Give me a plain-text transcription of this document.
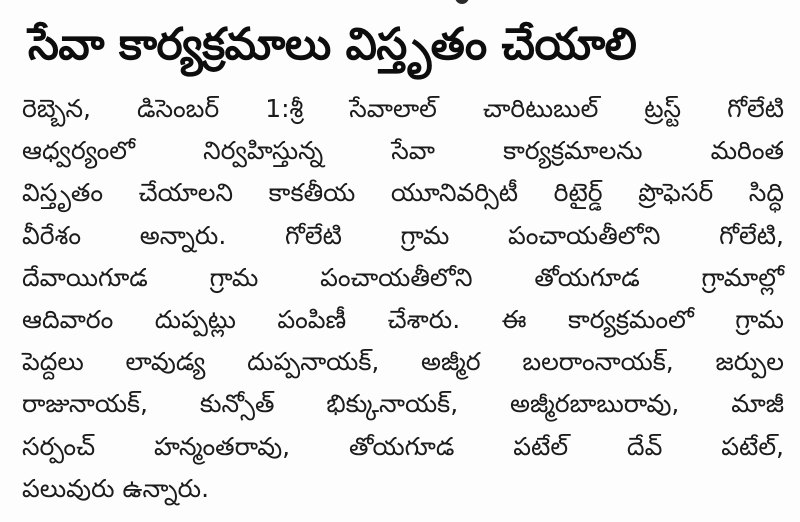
సేవా కార్యక్రమాలు విస్తృతం చేయాలి

రెబ్బెన, డిసెంబర్ 1:శ్రీ సేవాలాల్ చారిటుబుల్ ట్రస్ట్ గోలేటి
ఆధ్వర్యంలో నిర్వహిస్తున్న సేవా కార్యక్రమాలను మరింత
విస్తృతం చేయాలని కాకతీయ యూనివర్సిటీ రిటైర్డ్ ప్రొఫెసర్ సిద్ధి
వీరేశం అన్నారు. గోలేటి గ్రామ పంచాయతీలోని గోలేటి,
దేవాయిగూడ గ్రామ పంచాయతీలోని తోయగూడ గ్రామాల్లో
ఆదివారం దుప్పట్లు పంపిణీ చేశారు. ఈ కార్యక్రమంలో గ్రామ
పెద్దలు లావుడ్య దుప్పనాయక్, అజ్మీర బలరాంనాయక్, జర్పుల
రాజునాయక్, కున్సోత్ భిక్కునాయక్, అజ్మీరబాబురావు, మాజీ
సర్పంచ్ హన్మంతరావు, తోయగూడ పటేల్ దేవ్ పటేల్,
పలువురు ఉన్నారు.
